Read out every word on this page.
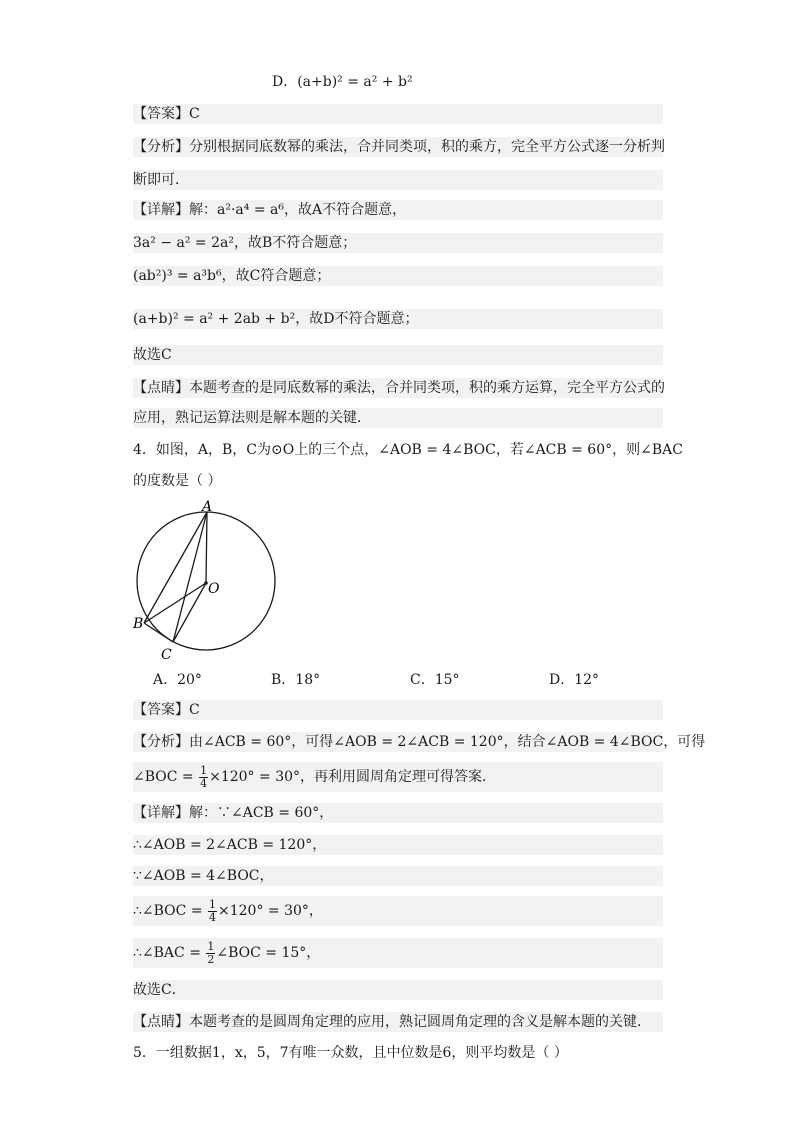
D．(a+b)² = a² + b²
【答案】C
【分析】分别根据同底数幂的乘法，合并同类项，积的乘方，完全平方公式逐一分析判
断即可．
【详解】解：a²·a⁴ = a⁶，故A不符合题意，
3a² − a² = 2a²，故B不符合题意；
(ab²)³ = a³b⁶，故C符合题意；
(a+b)² = a² + 2ab + b²，故D不符合题意；
故选C
【点睛】本题考查的是同底数幂的乘法，合并同类项，积的乘方运算，完全平方公式的
应用，熟记运算法则是解本题的关键．
4．如图，A，B，C为⊙O上的三个点，∠AOB = 4∠BOC，若∠ACB = 60°，则∠BAC
的度数是（ ）
A
O
B
C
A．20°	B．18°	C．15°	D．12°
【答案】C
【分析】由∠ACB = 60°，可得∠AOB = 2∠ACB = 120°，结合∠AOB = 4∠BOC，可得
∠BOC = $\frac{1}{4} \times 120^\circ = 30^\circ$，再利用圆周角定理可得答案．
【详解】解：∵∠ACB = 60°，
∴∠AOB = 2∠ACB = 120°，
∵∠AOB = 4∠BOC，
∴∠BOC = $\frac{1}{4} \times 120^\circ = 30^\circ$，
∴∠BAC = $\frac{1}{2}$ ∠BOC = 15°，
故选C．
【点睛】本题考查的是圆周角定理的应用，熟记圆周角定理的含义是解本题的关键．
5．一组数据1，x，5，7有唯一众数，且中位数是6，则平均数是（ ）
